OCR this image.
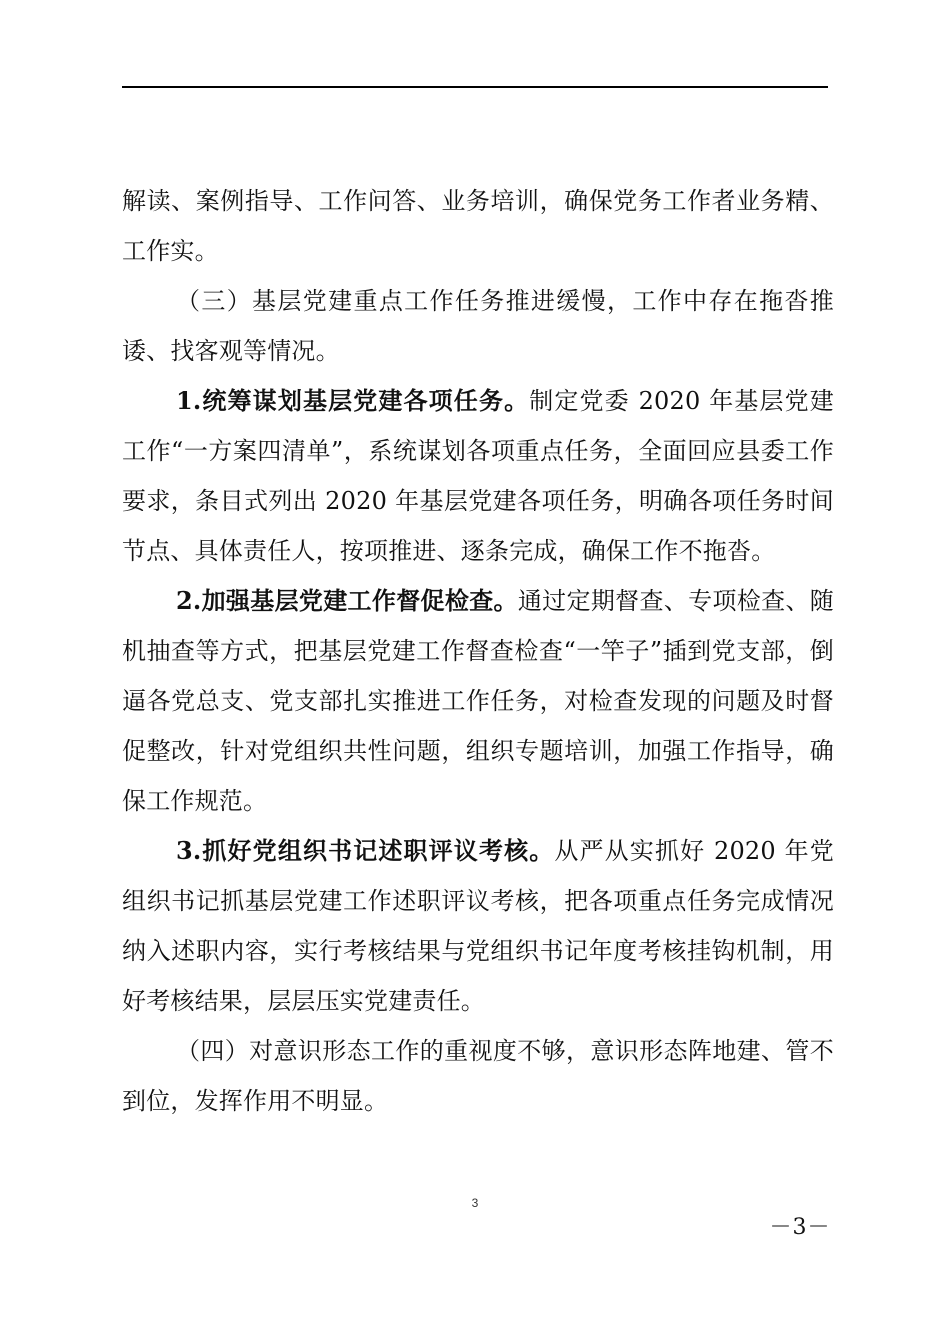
解读、案例指导、工作问答、业务培训，确保党务工作者业务精、工作实。

（三）基层党建重点工作任务推进缓慢，工作中存在拖沓推诿、找客观等情况。

1.统筹谋划基层党建各项任务。制定党委 2020 年基层党建工作“一方案四清单”，系统谋划各项重点任务，全面回应县委工作要求，条目式列出 2020 年基层党建各项任务，明确各项任务时间节点、具体责任人，按项推进、逐条完成，确保工作不拖沓。

2.加强基层党建工作督促检查。通过定期督查、专项检查、随机抽查等方式，把基层党建工作督查检查“一竿子”插到党支部，倒逼各党总支、党支部扎实推进工作任务，对检查发现的问题及时督促整改，针对党组织共性问题，组织专题培训，加强工作指导，确保工作规范。

3.抓好党组织书记述职评议考核。从严从实抓好 2020 年党组织书记抓基层党建工作述职评议考核，把各项重点任务完成情况纳入述职内容，实行考核结果与党组织书记年度考核挂钩机制，用好考核结果，层层压实党建责任。

（四）对意识形态工作的重视度不够，意识形态阵地建、管不到位，发挥作用不明显。

3
－3－
